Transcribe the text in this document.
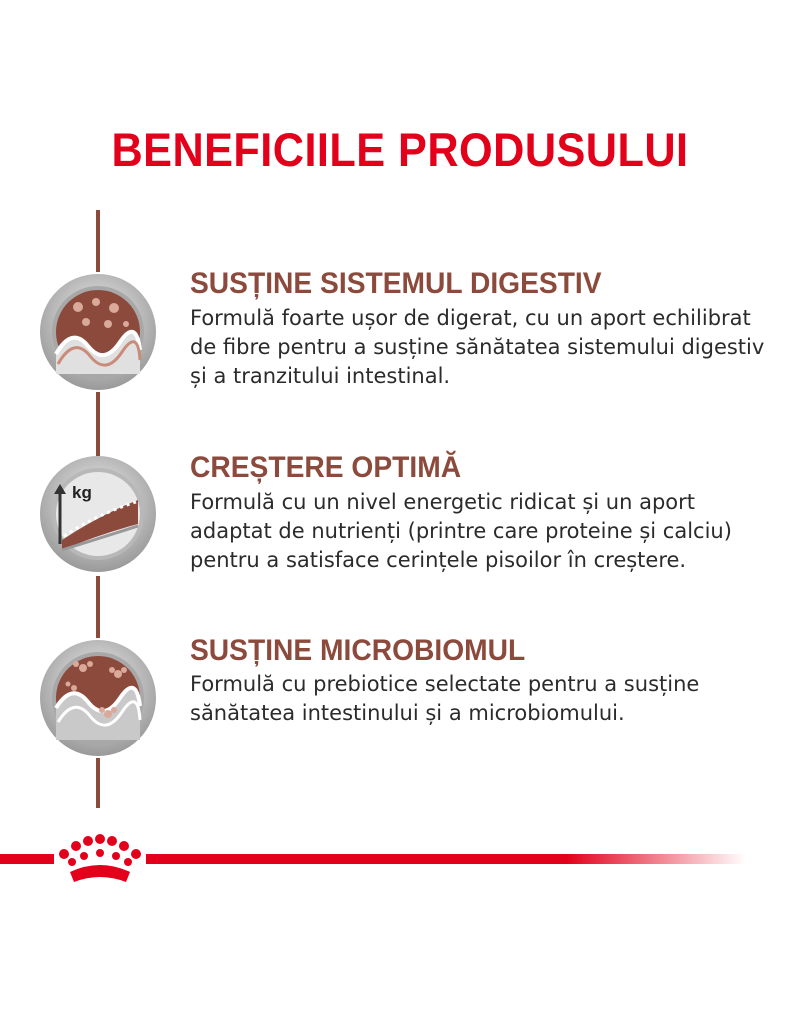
BENEFICIILE PRODUSULUI
SUSȚINE SISTEMUL DIGESTIV
Formulă foarte ușor de digerat, cu un aport echilibrat
de fibre pentru a susține sănătatea sistemului digestiv
și a tranzitului intestinal.
kg
CREȘTERE OPTIMĂ
Formulă cu un nivel energetic ridicat și un aport
adaptat de nutrienți (printre care proteine și calciu)
pentru a satisface cerințele pisoilor în creștere.
SUSȚINE MICROBIOMUL
Formulă cu prebiotice selectate pentru a susține
sănătatea intestinului și a microbiomului.
